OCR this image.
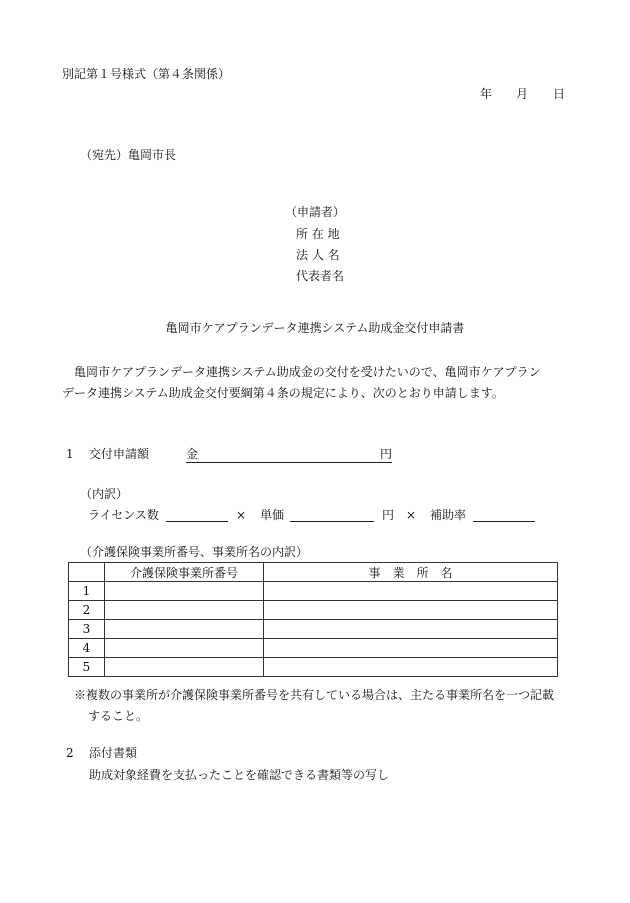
別記第１号様式（第４条関係）
年 月 日
（宛先）亀岡市長
（申請者）
所 在 地
法 人 名
代表者名
亀岡市ケアプランデータ連携システム助成金交付申請書
亀岡市ケアプランデータ連携システム助成金の交付を受けたいので、亀岡市ケアプラン
データ連携システム助成金交付要綱第４条の規定により、次のとおり申請します。
1 交付申請額	金	円
（内訳）
ライセンス数	× 単価	円 × 補助率
（介護保険事業所番号、事業所名の内訳）
	介護保険事業所番号	事　業　所　名
1		
2		
3		
4		
5		
※複数の事業所が介護保険事業所番号を共有している場合は、主たる事業所名を一つ記載
すること。
2 添付書類
助成対象経費を支払ったことを確認できる書類等の写し
